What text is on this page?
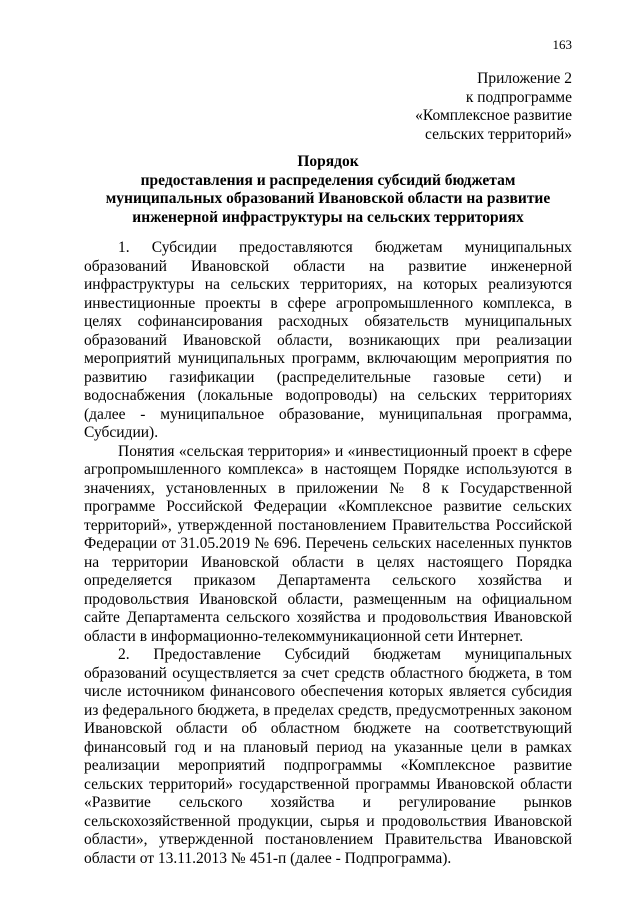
163
Приложение 2
к подпрограмме
«Комплексное развитие
сельских территорий»
Порядок
предоставления и распределения субсидий бюджетам
муниципальных образований Ивановской области на развитие
инженерной инфраструктуры на сельских территориях

1. Субсидии предоставляются бюджетам муниципальных образований Ивановской области на развитие инженерной инфраструктуры на сельских территориях, на которых реализуются инвестиционные проекты в сфере агропромышленного комплекса, в целях софинансирования расходных обязательств муниципальных образований Ивановской области, возникающих при реализации мероприятий муниципальных программ, включающим мероприятия по развитию газификации (распределительные газовые сети) и водоснабжения (локальные водопроводы) на сельских территориях (далее - муниципальное образование, муниципальная программа, Субсидии).

Понятия «сельская территория» и «инвестиционный проект в сфере агропромышленного комплекса» в настоящем Порядке используются в значениях, установленных в приложении № 8 к Государственной программе Российской Федерации «Комплексное развитие сельских территорий», утвержденной постановлением Правительства Российской Федерации от 31.05.2019 № 696. Перечень сельских населенных пунктов на территории Ивановской области в целях настоящего Порядка определяется приказом Департамента сельского хозяйства и продовольствия Ивановской области, размещенным на официальном сайте Департамента сельского хозяйства и продовольствия Ивановской области в информационно-телекоммуникационной сети Интернет.

2. Предоставление Субсидий бюджетам муниципальных образований осуществляется за счет средств областного бюджета, в том числе источником финансового обеспечения которых является субсидия из федерального бюджета, в пределах средств, предусмотренных законом Ивановской области об областном бюджете на соответствующий финансовый год и на плановый период на указанные цели в рамках реализации мероприятий подпрограммы «Комплексное развитие сельских территорий» государственной программы Ивановской области «Развитие сельского хозяйства и регулирование рынков сельскохозяйственной продукции, сырья и продовольствия Ивановской области», утвержденной постановлением Правительства Ивановской области от 13.11.2013 № 451-п (далее - Подпрограмма).
